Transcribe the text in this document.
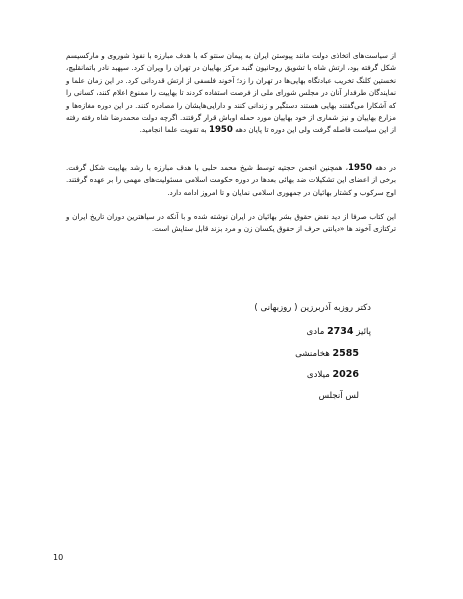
از سیاست‌های اتخاذی دولت مانند پیوستن ایران به پیمان سنتو که با هدف مبارزه با نفوذ شوروی و مارکسیسم شکل گرفته بود، ارتش شاه با تشویق روحانیون گنبد مرکز بهاییان در تهران را ویران کرد. سپهبد نادر باتمانقلیچ، نخستین کلنگ تخریب عبادتگاه بهایی‌ها در تهران را زد؛ آخوند فلسفی از ارتش قدردانی کرد. در این زمان علما و نمایندگان طرفدار آنان در مجلس شورای ملی از فرصت استفاده کردند تا بهاییت را ممنوع اعلام کنند، کسانی را که آشکارا می‌گفتند بهایی هستند دستگیر و زندانی کنند و دارایی‌هایشان را مصادره کنند. در این دوره مغازه‌ها و مزارع بهاییان و نیز شماری از خود بهاییان مورد حمله اوباش قرار گرفتند. اگرچه دولت محمدرضا شاه رفته رفته از این سیاست فاصله گرفت ولی این دوره تا پایان دهه 1950 به تقویت علما انجامید.

در دهه 1950، همچنین انجمن حجتیه توسط شیخ محمد حلبی با هدف مبارزه با رشد بهاییت شکل گرفت. برخی از اعضای این تشکیلات ضد بهائی بعدها در دوره حکومت اسلامی مسئولیت‌های مهمی را بر عهده گرفتند. اوج سرکوب و کشتار بهائیان در جمهوری اسلامی نمایان و تا امروز ادامه دارد.

این کتاب صرفا از دید نقض حقوق بشر بهائیان در ایران نوشته شده و با آنکه در سیاهترین دوران تاریخ ایران و ترکتازی آخوند ها «دیانتی حرف از حقوق یکسان زن و مرد بزند قابل ستایش است.

دکتر روزبه آذربرزین ( روزبهانی )

پائیز 2734 مادی

2585 هخامنشی

2026 میلادی

لس آنجلس

10
